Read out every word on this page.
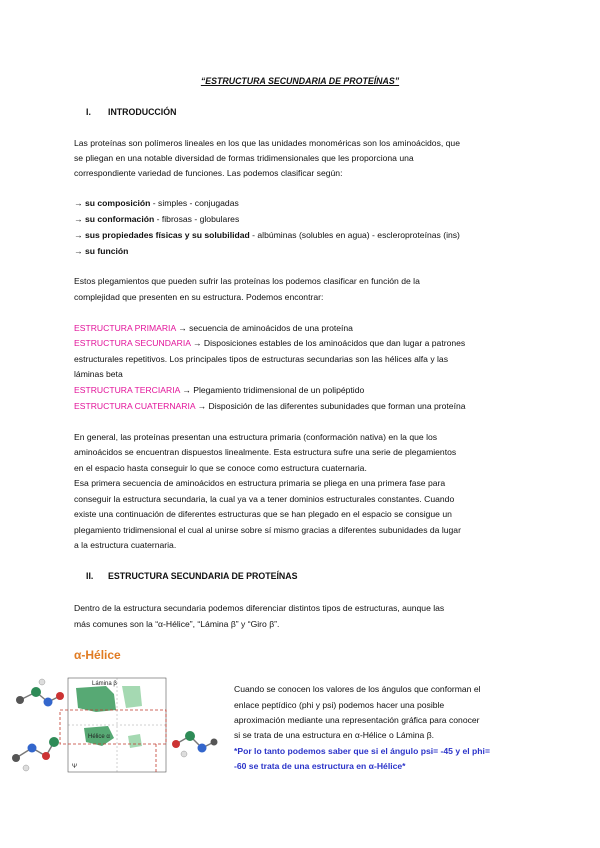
“ESTRUCTURA SECUNDARIA DE PROTEÍNAS”
I. INTRODUCCIÓN
Las proteínas son polímeros lineales en los que las unidades monoméricas son los aminoácidos, que
se pliegan en una notable diversidad de formas tridimensionales que les proporciona una
correspondiente variedad de funciones. Las podemos clasificar según:
→ su composición - simples - conjugadas
→ su conformación - fibrosas - globulares
→ sus propiedades físicas y su solubilidad - albúminas (solubles en agua) - escleroproteínas (ins)
→ su función
Estos plegamientos que pueden sufrir las proteínas los podemos clasificar en función de la
complejidad que presenten en su estructura. Podemos encontrar:
ESTRUCTURA PRIMARIA → secuencia de aminoácidos de una proteína
ESTRUCTURA SECUNDARIA → Disposiciones estables de los aminoácidos que dan lugar a patrones
estructurales repetitivos. Los principales tipos de estructuras secundarias son las hélices alfa y las
láminas beta
ESTRUCTURA TERCIARIA → Plegamiento tridimensional de un polipéptido
ESTRUCTURA CUATERNARIA → Disposición de las diferentes subunidades que forman una proteína
En general, las proteínas presentan una estructura primaria (conformación nativa) en la que los
aminoácidos se encuentran dispuestos linealmente. Esta estructura sufre una serie de plegamientos
en el espacio hasta conseguir lo que se conoce como estructura cuaternaria.
Esa primera secuencia de aminoácidos en estructura primaria se pliega en una primera fase para
conseguir la estructura secundaria, la cual ya va a tener dominios estructurales constantes. Cuando
existe una continuación de diferentes estructuras que se han plegado en el espacio se consigue un
plegamiento tridimensional el cual al unirse sobre sí mismo gracias a diferentes subunidades da lugar
a la estructura cuaternaria.
II. ESTRUCTURA SECUNDARIA DE PROTEÍNAS
Dentro de la estructura secundaria podemos diferenciar distintos tipos de estructuras, aunque las
más comunes son la “α-Hélice”, “Lámina β” y “Giro β”.
α-Hélice
Lámina β
Hélice α
Ψ
Cuando se conocen los valores de los ángulos que conforman el
enlace peptídico (phi y psi) podemos hacer una posible
aproximación mediante una representación gráfica para conocer
si se trata de una estructura en α-Hélice o Lámina β.
*Por lo tanto podemos saber que si el ángulo psi= -45 y el phi=
-60 se trata de una estructura en α-Hélice*
